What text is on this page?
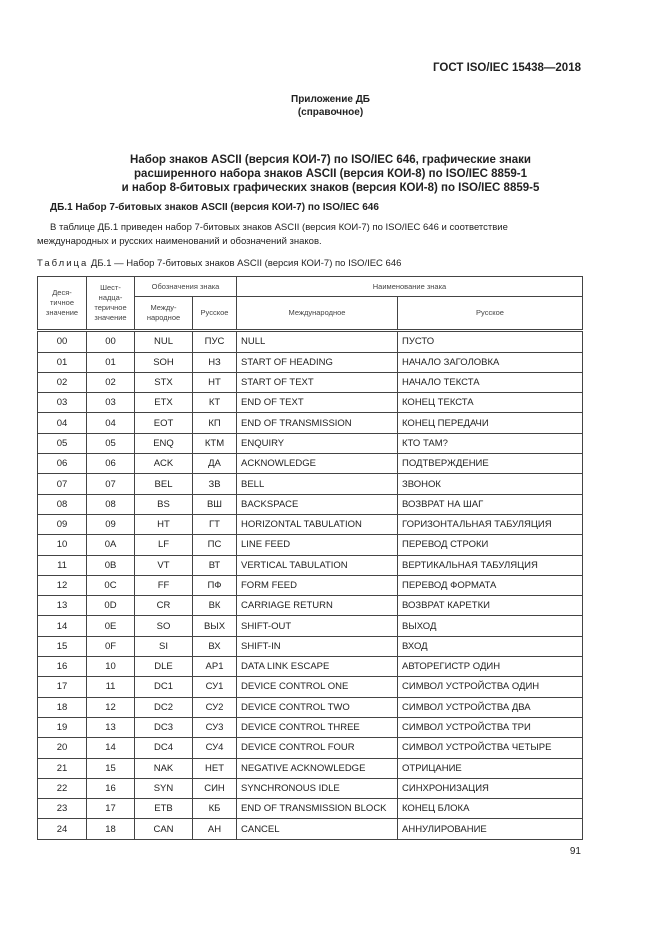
ГОСТ ISO/IEC 15438—2018
Приложение ДБ
(справочное)
Набор знаков ASCII (версия КОИ-7) по ISO/IEC 646, графические знаки
расширенного набора знаков ASCII (версия КОИ-8) по ISO/IEC 8859-1
и набор 8-битовых графических знаков (версия КОИ-8) по ISO/IEC 8859-5
ДБ.1 Набор 7-битовых знаков ASCII (версия КОИ-7) по ISO/IEC 646
В таблице ДБ.1 приведен набор 7-битовых знаков ASCII (версия КОИ-7) по ISO/IEC 646 и соответствие международных и русских наименований и обозначений знаков.
Таблица ДБ.1 — Набор 7-битовых знаков ASCII (версия КОИ-7) по ISO/IEC 646
Деся-тичное значение	Шест-надца-теричное значение	Обозначения знака		Наименование знака	
		Между-народное	Русское	Международное	Русское
00	00	NUL	ПУС	NULL	ПУСТО
01	01	SOH	НЗ	START OF HEADING	НАЧАЛО ЗАГОЛОВКА
02	02	STX	НТ	START OF TEXT	НАЧАЛО ТЕКСТА
03	03	ETX	КТ	END OF TEXT	КОНЕЦ ТЕКСТА
04	04	EOT	КП	END OF TRANSMISSION	КОНЕЦ ПЕРЕДАЧИ
05	05	ENQ	КТМ	ENQUIRY	КТО ТАМ?
06	06	ACK	ДА	ACKNOWLEDGE	ПОДТВЕРЖДЕНИЕ
07	07	BEL	ЗВ	BELL	ЗВОНОК
08	08	BS	ВШ	BACKSPACE	ВОЗВРАТ НА ШАГ
09	09	HT	ГТ	HORIZONTAL TABULATION	ГОРИЗОНТАЛЬНАЯ ТАБУЛЯЦИЯ
10	0A	LF	ПС	LINE FEED	ПЕРЕВОД СТРОКИ
11	0B	VT	ВТ	VERTICAL TABULATION	ВЕРТИКАЛЬНАЯ ТАБУЛЯЦИЯ
12	0C	FF	ПФ	FORM FEED	ПЕРЕВОД ФОРМАТА
13	0D	CR	ВК	CARRIAGE RETURN	ВОЗВРАТ КАРЕТКИ
14	0E	SO	ВЫХ	SHIFT-OUT	ВЫХОД
15	0F	SI	ВХ	SHIFT-IN	ВХОД
16	10	DLE	АР1	DATA LINK ESCAPE	АВТОРЕГИСТР ОДИН
17	11	DC1	СУ1	DEVICE CONTROL ONE	СИМВОЛ УСТРОЙСТВА ОДИН
18	12	DC2	СУ2	DEVICE CONTROL TWO	СИМВОЛ УСТРОЙСТВА ДВА
19	13	DC3	СУ3	DEVICE CONTROL THREE	СИМВОЛ УСТРОЙСТВА ТРИ
20	14	DC4	СУ4	DEVICE CONTROL FOUR	СИМВОЛ УСТРОЙСТВА ЧЕТЫРЕ
21	15	NAK	НЕТ	NEGATIVE ACKNOWLEDGE	ОТРИЦАНИЕ
22	16	SYN	СИН	SYNCHRONOUS IDLE	СИНХРОНИЗАЦИЯ
23	17	ETB	КБ	END OF TRANSMISSION BLOCK	КОНЕЦ БЛОКА
24	18	CAN	АН	CANCEL	АННУЛИРОВАНИЕ
91
